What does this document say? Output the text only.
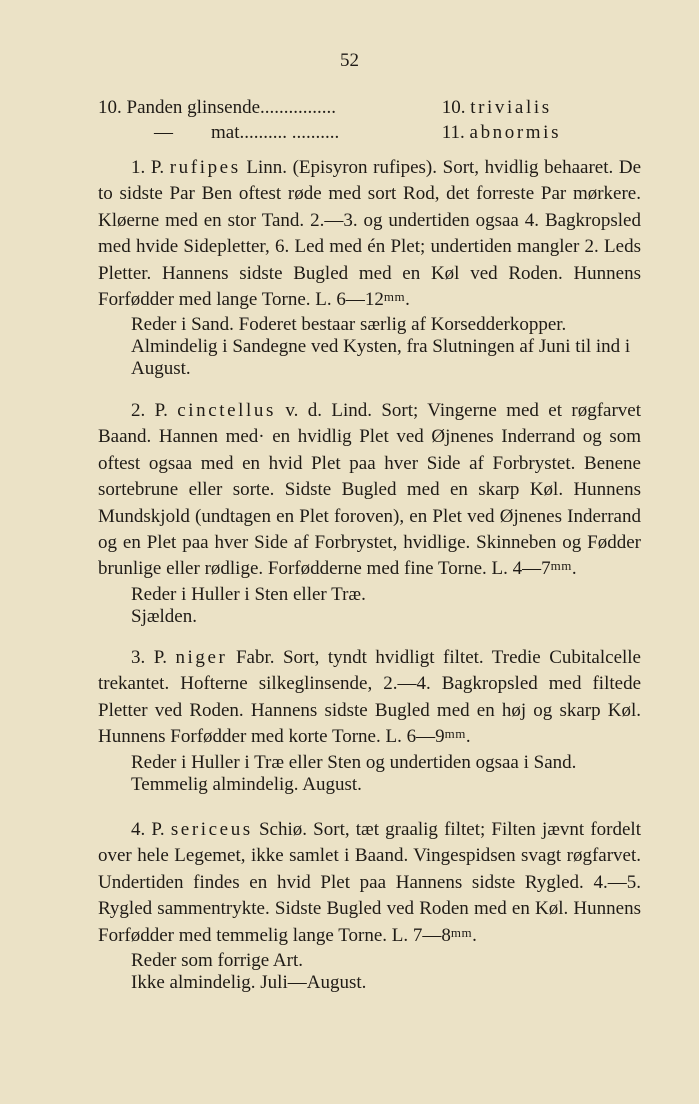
52
10. Panden glinsende................	10. trivialis
— mat.......... ..........	11. abnormis

1. P. rufipes Linn. (Episyron rufipes). Sort, hvidlig behaaret. De to sidste Par Ben oftest røde med sort Rod, det forreste Par mørkere. Kløerne med en stor Tand. 2.—3. og undertiden ogsaa 4. Bagkropsled med hvide Sidepletter, 6. Led med én Plet; undertiden mangler 2. Leds Pletter. Hannens sidste Bugled med en Køl ved Roden. Hunnens Forfødder med lange Torne. L. $6—12^{mm}$.

Reder i Sand. Foderet bestaar særlig af Korsedderkopper.

Almindelig i Sandegne ved Kysten, fra Slutningen af Juni til ind i August.

2. P. cinctellus v. d. Lind. Sort; Vingerne med et røgfarvet Baand. Hannen med· en hvidlig Plet ved Øjnenes Inderrand og som oftest ogsaa med en hvid Plet paa hver Side af Forbrystet. Benene sortebrune eller sorte. Sidste Bugled med en skarp Køl. Hunnens Mundskjold (undtagen en Plet foroven), en Plet ved Øjnenes Inderrand og en Plet paa hver Side af Forbrystet, hvidlige. Skinneben og Fødder brunlige eller rødlige. Forfødderne med fine Torne. L. $4—7^{mm}$.

Reder i Huller i Sten eller Træ.

Sjælden.

3. P. niger Fabr. Sort, tyndt hvidligt filtet. Tredie Cubitalcelle trekantet. Hofterne silkeglinsende, 2.—4. Bagkropsled med filtede Pletter ved Roden. Hannens sidste Bugled med en høj og skarp Køl. Hunnens Forfødder med korte Torne. L. $6—9^{mm}$.

Reder i Huller i Træ eller Sten og undertiden ogsaa i Sand.

Temmelig almindelig. August.

4. P. sericeus Schiø. Sort, tæt graalig filtet; Filten jævnt fordelt over hele Legemet, ikke samlet i Baand. Vingespidsen svagt røgfarvet. Undertiden findes en hvid Plet paa Hannens sidste Rygled. 4.—5. Rygled sammentrykte. Sidste Bugled ved Roden med en Køl. Hunnens Forfødder med temmelig lange Torne. L. $7—8^{mm}$.

Reder som forrige Art.

Ikke almindelig. Juli—August.
